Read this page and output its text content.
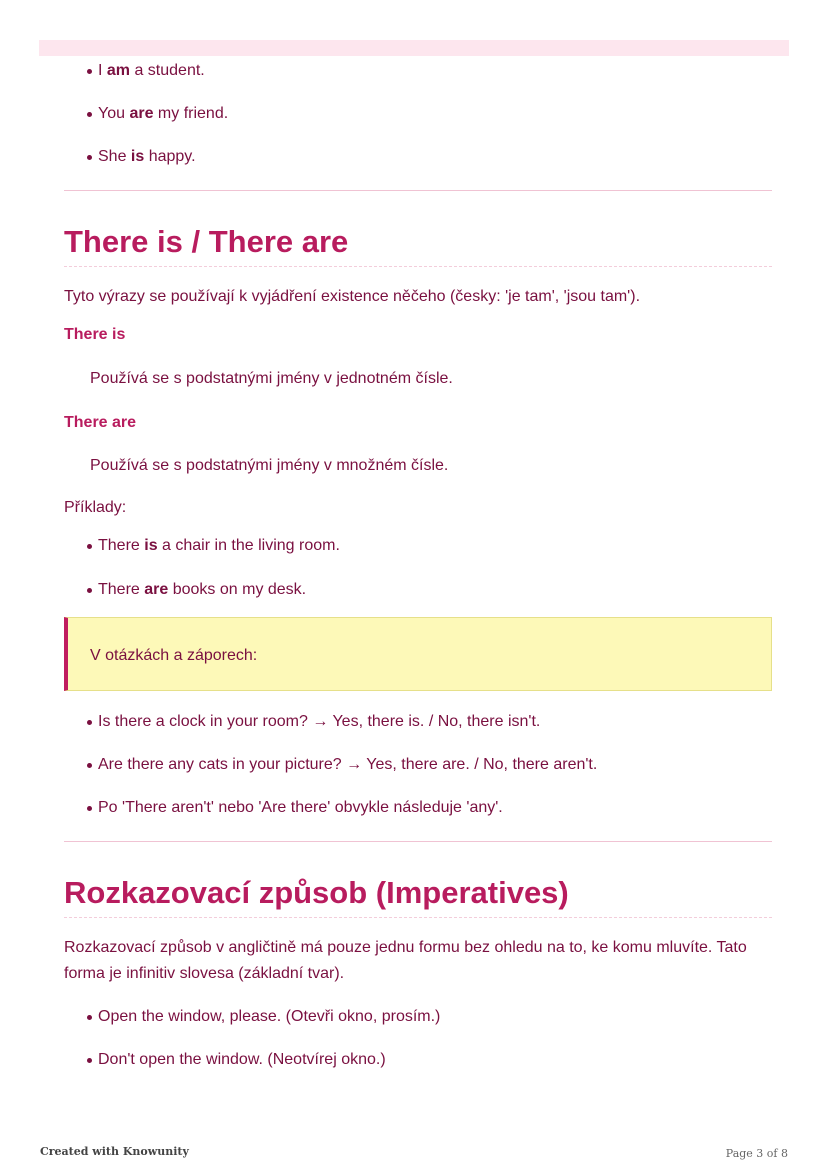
I am a student.
You are my friend.
She is happy.
There is / There are

Tyto výrazy se používají k vyjádření existence něčeho (česky: 'je tam', 'jsou tam').

There is

Používá se s podstatnými jmény v jednotném čísle.

There are

Používá se s podstatnými jmény v množném čísle.

Příklady:

There is a chair in the living room.
There are books on my desk.
V otázkách a záporech:
Is there a clock in your room? → Yes, there is. / No, there isn't.
Are there any cats in your picture? → Yes, there are. / No, there aren't.
Po 'There aren't' nebo 'Are there' obvykle následuje 'any'.
Rozkazovací způsob (Imperatives)

Rozkazovací způsob v angličtině má pouze jednu formu bez ohledu na to, ke komu mluvíte. Tato forma je infinitiv slovesa (základní tvar).

Open the window, please. (Otevři okno, prosím.)
Don't open the window. (Neotvírej okno.)
Created with Knowunity	Page 3 of 8
